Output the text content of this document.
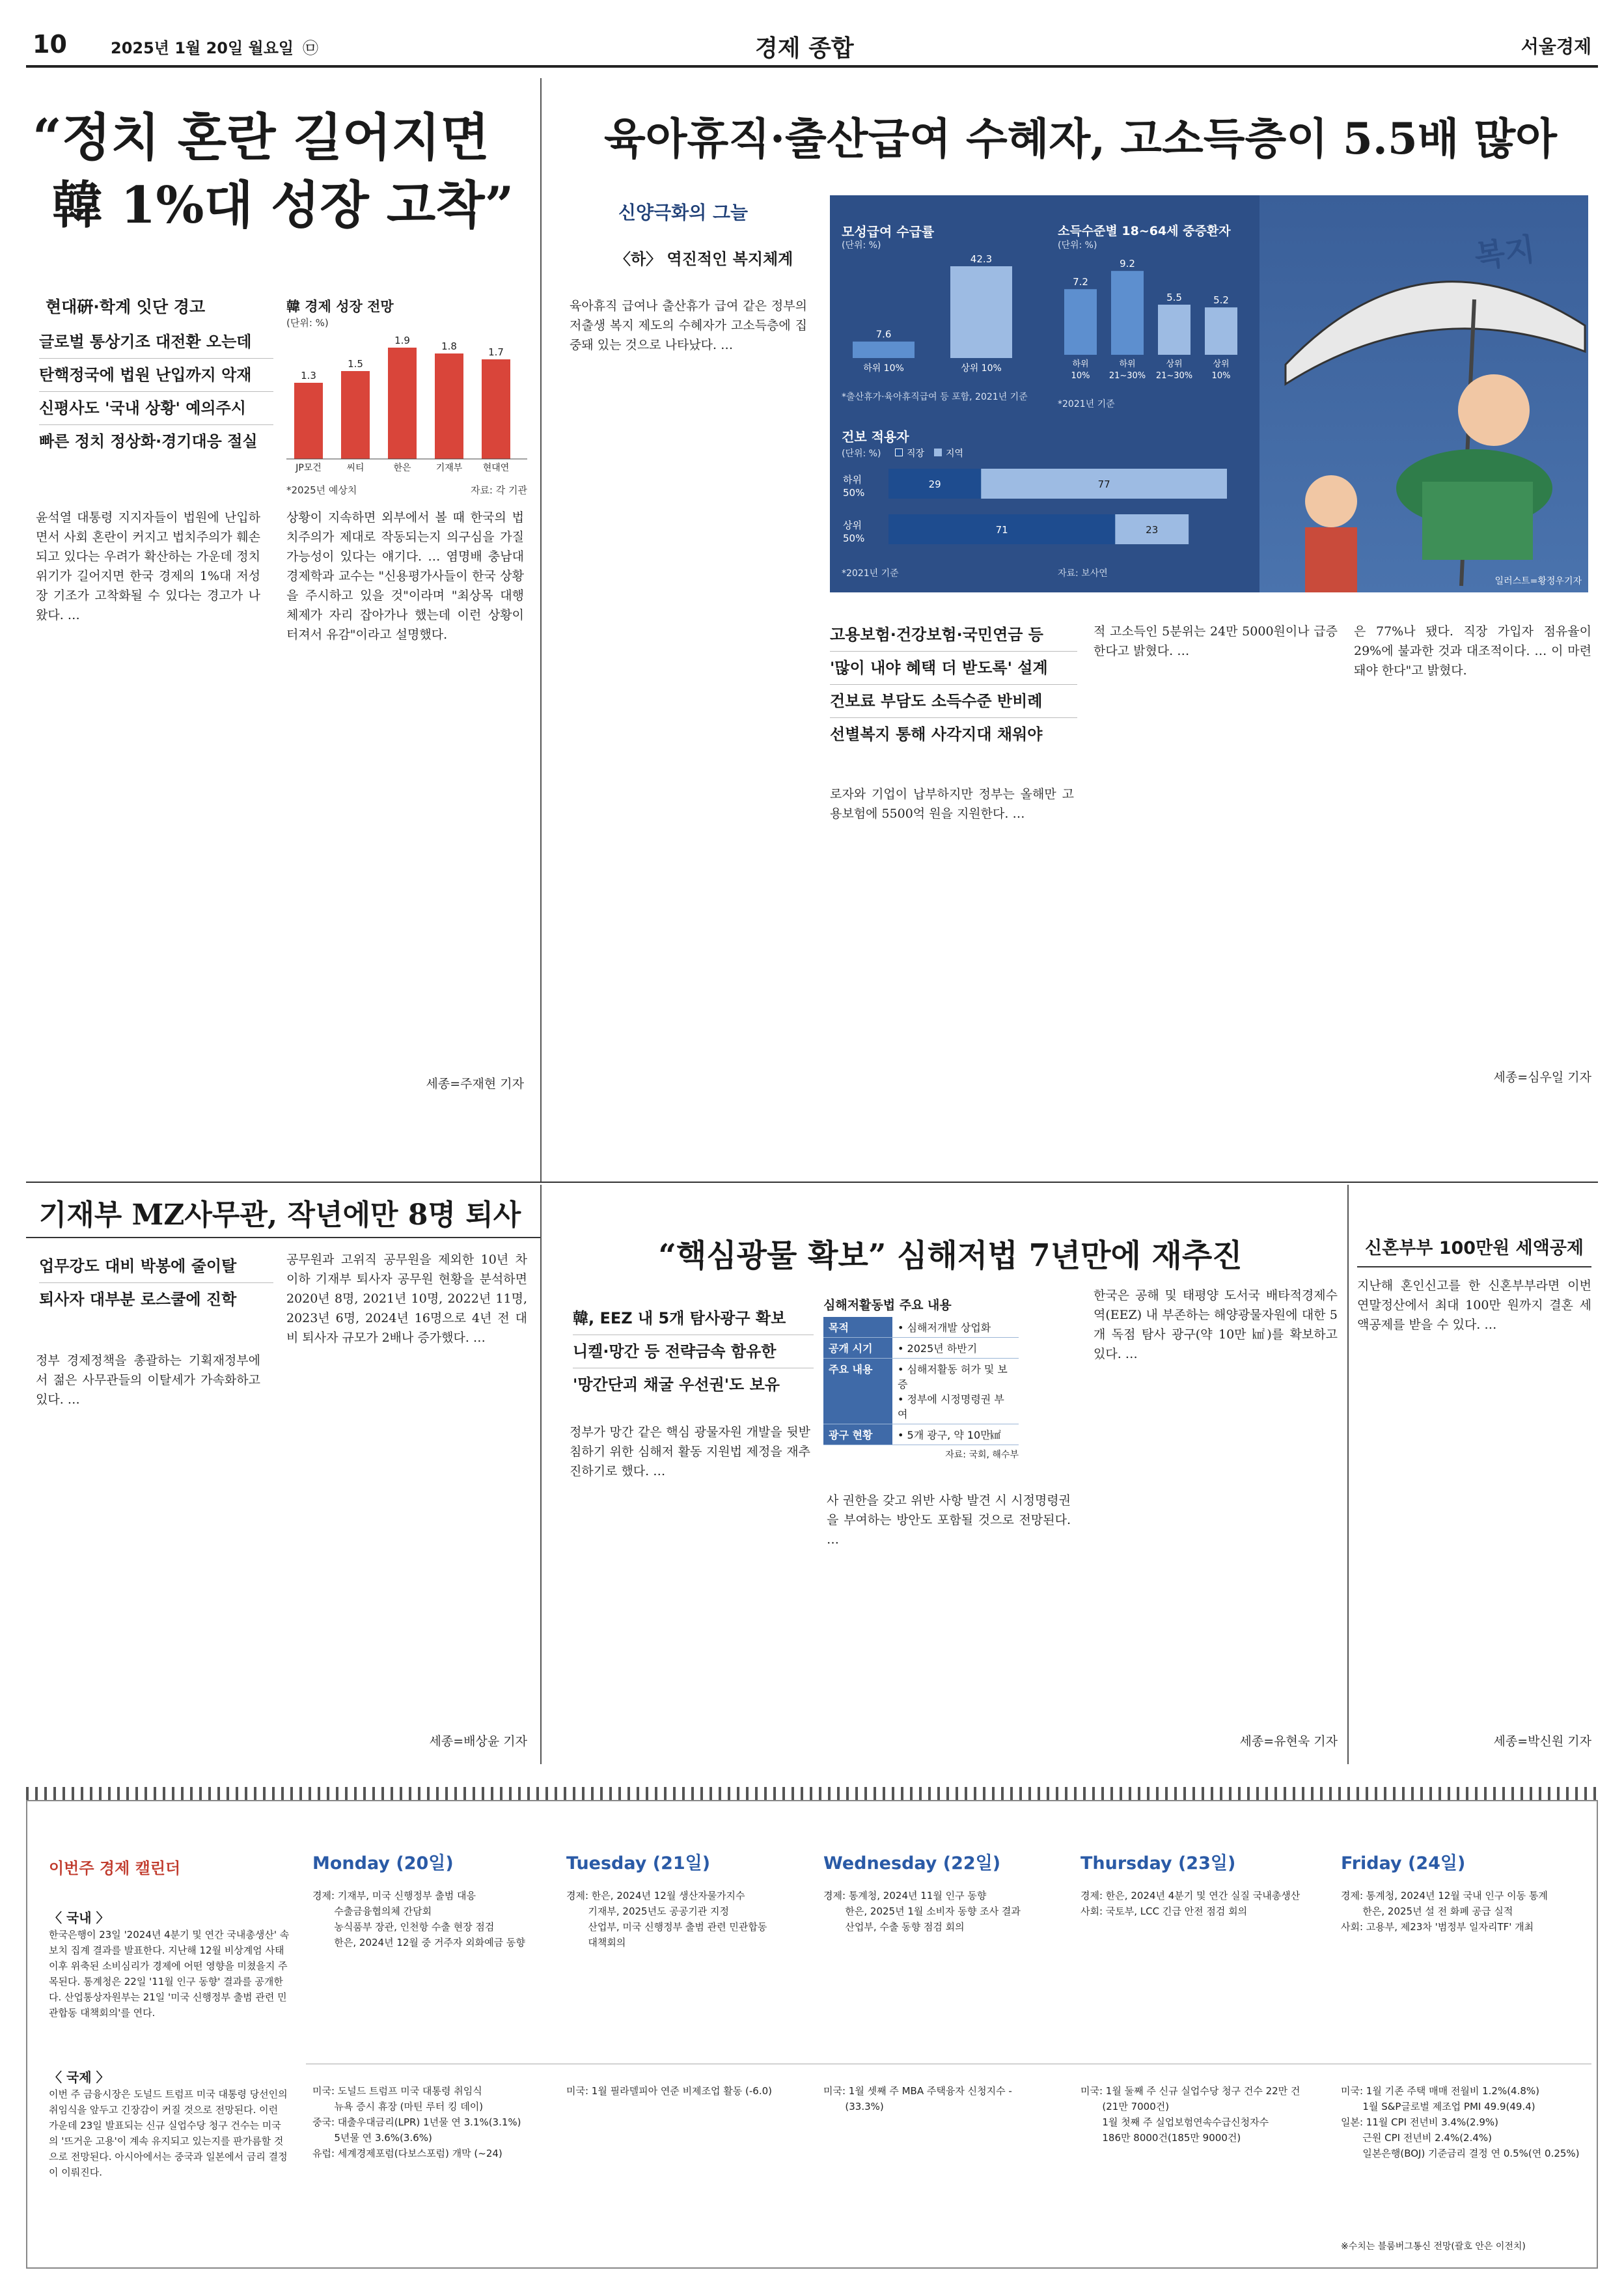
10	2025년 1월 20일 월요일 ㉤	경제 종합	서울경제
“정치 혼란 길어지면
韓 1%대 성장 고착”
현대硏·학계 잇단 경고
글로벌 통상기조 대전환 오는데
탄핵정국에 법원 난입까지 악재
신평사도 '국내 상황' 예의주시
빠른 정치 정상화·경기대응 절실
韓 경제 성장 전망
(단위: %)
1.3
JP모건
1.5
씨티
1.9
한은
1.8
기재부
1.7
현대연
*2025년 예상치	자료: 각 기관
윤석열 대통령 지지자들이 법원에 난입하면서 사회 혼란이 커지고 법치주의가 훼손되고 있다는 우려가 확산하는 가운데 정치 위기가 길어지면 한국 경제의 1%대 저성장 기조가 고착화될 수 있다는 경고가 나왔다. …
상황이 지속하면 외부에서 볼 때 한국의 법치주의가 제대로 작동되는지 의구심을 가질 가능성이 있다는 얘기다. … 염명배 충남대 경제학과 교수는 "신용평가사들이 한국 상황을 주시하고 있을 것"이라며 "최상목 대행 체제가 자리 잡아가나 했는데 이런 상황이 터져서 유감"이라고 설명했다.
세종=주재현 기자
육아휴직·출산급여 수혜자, 고소득층이 5.5배 많아
신양극화의 그늘
〈하〉 역진적인 복지체계
육아휴직 급여나 출산휴가 급여 같은 정부의 저출생 복지 제도의 수혜자가 고소득층에 집중돼 있는 것으로 나타났다. …
복지
일러스트=황정우기자
모성급여 수급률
(단위: %)
7.6
하위 10%
42.3
상위 10%
*출산휴가·육아휴직급여 등 포함, 2021년 기준
소득수준별 18~64세 중증환자
(단위: %)
7.2
하위
10%
9.2
하위
21~30%
5.5
상위
21~30%
5.2
상위
10%
*2021년 기준
건보 적용자
(단위: %)	직장 지역
하위
50%
29	77
상위
50%
71	23
*2021년 기준	자료: 보사연
고용보험·건강보험·국민연금 등
'많이 내야 혜택 더 받도록' 설계
건보료 부담도 소득수준 반비례
선별복지 통해 사각지대 채워야
로자와 기업이 납부하지만 정부는 올해만 고용보험에 5500억 원을 지원한다. …
적 고소득인 5분위는 24만 5000원이나 급증한다고 밝혔다. …
은 77%나 됐다. 직장 가입자 점유율이 29%에 불과한 것과 대조적이다. … 이 마련돼야 한다"고 밝혔다.
세종=심우일 기자
기재부 MZ사무관, 작년에만 8명 퇴사
업무강도 대비 박봉에 줄이탈
퇴사자 대부분 로스쿨에 진학
정부 경제정책을 총괄하는 기획재정부에서 젊은 사무관들의 이탈세가 가속화하고 있다. …
공무원과 고위직 공무원을 제외한 10년 차 이하 기재부 퇴사자 공무원 현황을 분석하면 2020년 8명, 2021년 10명, 2022년 11명, 2023년 6명, 2024년 16명으로 4년 전 대비 퇴사자 규모가 2배나 증가했다. …
세종=배상윤 기자
“핵심광물 확보” 심해저법 7년만에 재추진
韓, EEZ 내 5개 탐사광구 확보
니켈·망간 등 전략금속 함유한
'망간단괴 채굴 우선권'도 보유
심해저활동법 주요 내용
목적	• 심해저개발 상업화
공개 시기	• 2025년 하반기
주요 내용	• 심해저활동 허가 및 보증
• 정부에 시정명령권 부여
광구 현황	• 5개 광구, 약 10만㎢
자료: 국회, 해수부
정부가 망간 같은 핵심 광물자원 개발을 뒷받침하기 위한 심해저 활동 지원법 제정을 재추진하기로 했다. …
사 권한을 갖고 위반 사항 발견 시 시정명령권을 부여하는 방안도 포함될 것으로 전망된다. …
한국은 공해 및 태평양 도서국 배타적경제수역(EEZ) 내 부존하는 해양광물자원에 대한 5개 독점 탐사 광구(약 10만 ㎢)를 확보하고 있다. …
세종=유현욱 기자
신혼부부 100만원 세액공제
지난해 혼인신고를 한 신혼부부라면 이번 연말정산에서 최대 100만 원까지 결혼 세액공제를 받을 수 있다. …
세종=박신원 기자
이번주 경제 캘린더
〈 국내 〉
한국은행이 23일 '2024년 4분기 및 연간 국내총생산' 속보치 집계 결과를 발표한다. 지난해 12월 비상계엄 사태 이후 위축된 소비심리가 경제에 어떤 영향을 미쳤을지 주목된다. 통계청은 22일 '11월 인구 동향' 결과를 공개한다. 산업통상자원부는 21일 '미국 신행정부 출범 관련 민관합동 대책회의'를 연다.
〈 국제 〉
이번 주 금융시장은 도널드 트럼프 미국 대통령 당선인의 취임식을 앞두고 긴장감이 커질 것으로 전망된다. 이런 가운데 23일 발표되는 신규 실업수당 청구 건수는 미국의 '뜨거운 고용'이 계속 유지되고 있는지를 판가름할 것으로 전망된다. 아시아에서는 중국과 일본에서 금리 결정이 이뤄진다.
Monday (20일)
경제: 기재부, 미국 신행정부 출범 대응
수출금융협의체 간담회
농식품부 장관, 인천항 수출 현장 점검
한은, 2024년 12월 중 거주자 외화예금 동향
미국: 도널드 트럼프 미국 대통령 취임식
뉴욕 증시 휴장 (마틴 루터 킹 데이)
중국: 대출우대금리(LPR) 1년물 연 3.1%(3.1%)
5년물 연 3.6%(3.6%)
유럽: 세계경제포럼(다보스포럼) 개막 (~24)
Tuesday (21일)
경제: 한은, 2024년 12월 생산자물가지수
기재부, 2025년도 공공기관 지정
산업부, 미국 신행정부 출범 관련 민관합동
대책회의
미국: 1월 필라델피아 연준 비제조업 활동 (-6.0)
Wednesday (22일)
경제: 통계청, 2024년 11월 인구 동향
한은, 2025년 1월 소비자 동향 조사 결과
산업부, 수출 동향 점검 회의
미국: 1월 셋째 주 MBA 주택융자 신청지수 -
(33.3%)
Thursday (23일)
경제: 한은, 2024년 4분기 및 연간 실질 국내총생산
사회: 국토부, LCC 긴급 안전 점검 회의
미국: 1월 둘째 주 신규 실업수당 청구 건수 22만 건
(21만 7000건)
1월 첫째 주 실업보험연속수급신청자수
186만 8000건(185만 9000건)
Friday (24일)
경제: 통계청, 2024년 12월 국내 인구 이동 통계
한은, 2025년 설 전 화폐 공급 실적
사회: 고용부, 제23차 '범정부 일자리TF' 개최
미국: 1월 기존 주택 매매 전월비 1.2%(4.8%)
1월 S&P글로벌 제조업 PMI 49.9(49.4)
일본: 11월 CPI 전년비 3.4%(2.9%)
근원 CPI 전년비 2.4%(2.4%)
일본은행(BOJ) 기준금리 결정 연 0.5%(연 0.25%)
※수치는 블룸버그통신 전망(괄호 안은 이전치)
